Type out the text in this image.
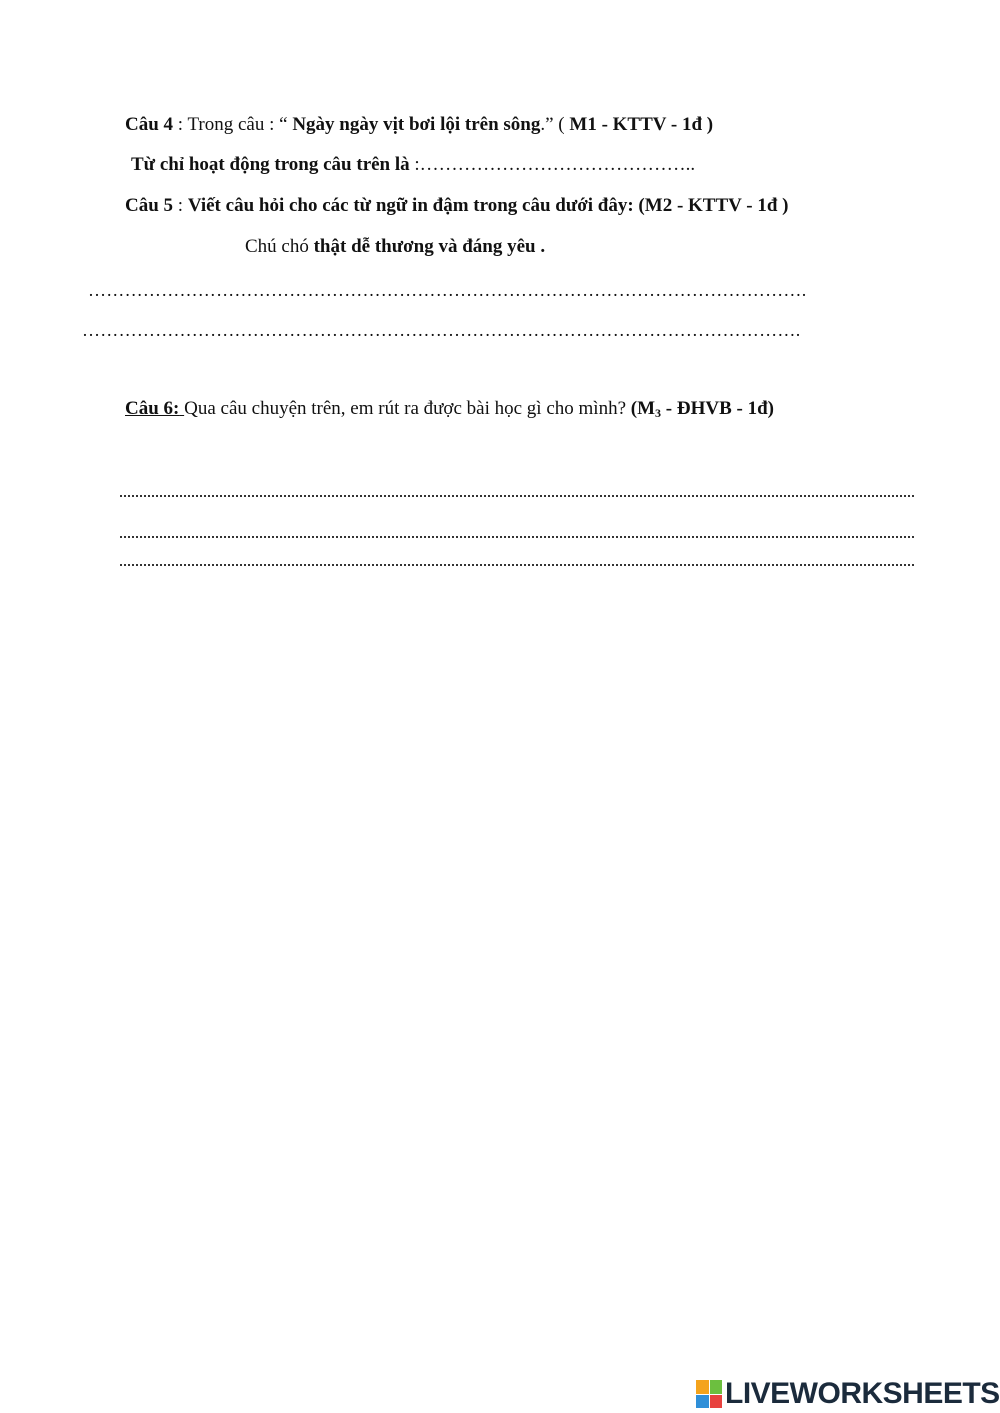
Câu 4 : Trong câu : “ Ngày ngày vịt bơi lội trên sông.” ( M1 - KTTV - 1đ )
Từ chỉ hoạt động trong câu trên là :……………………………………..
Câu 5 : Viết câu hỏi cho các từ ngữ in đậm trong câu dưới đây: (M2 - KTTV - 1đ )
Chú chó thật dễ thương và đáng yêu .
……………………………………………………………………………………………………….
……………………………………………………………………………………………………….
Câu 6: Qua câu chuyện trên, em rút ra được bài học gì cho mình? ($M_3$ - ĐHVB - 1đ)
LIVEWORKSHEETS
